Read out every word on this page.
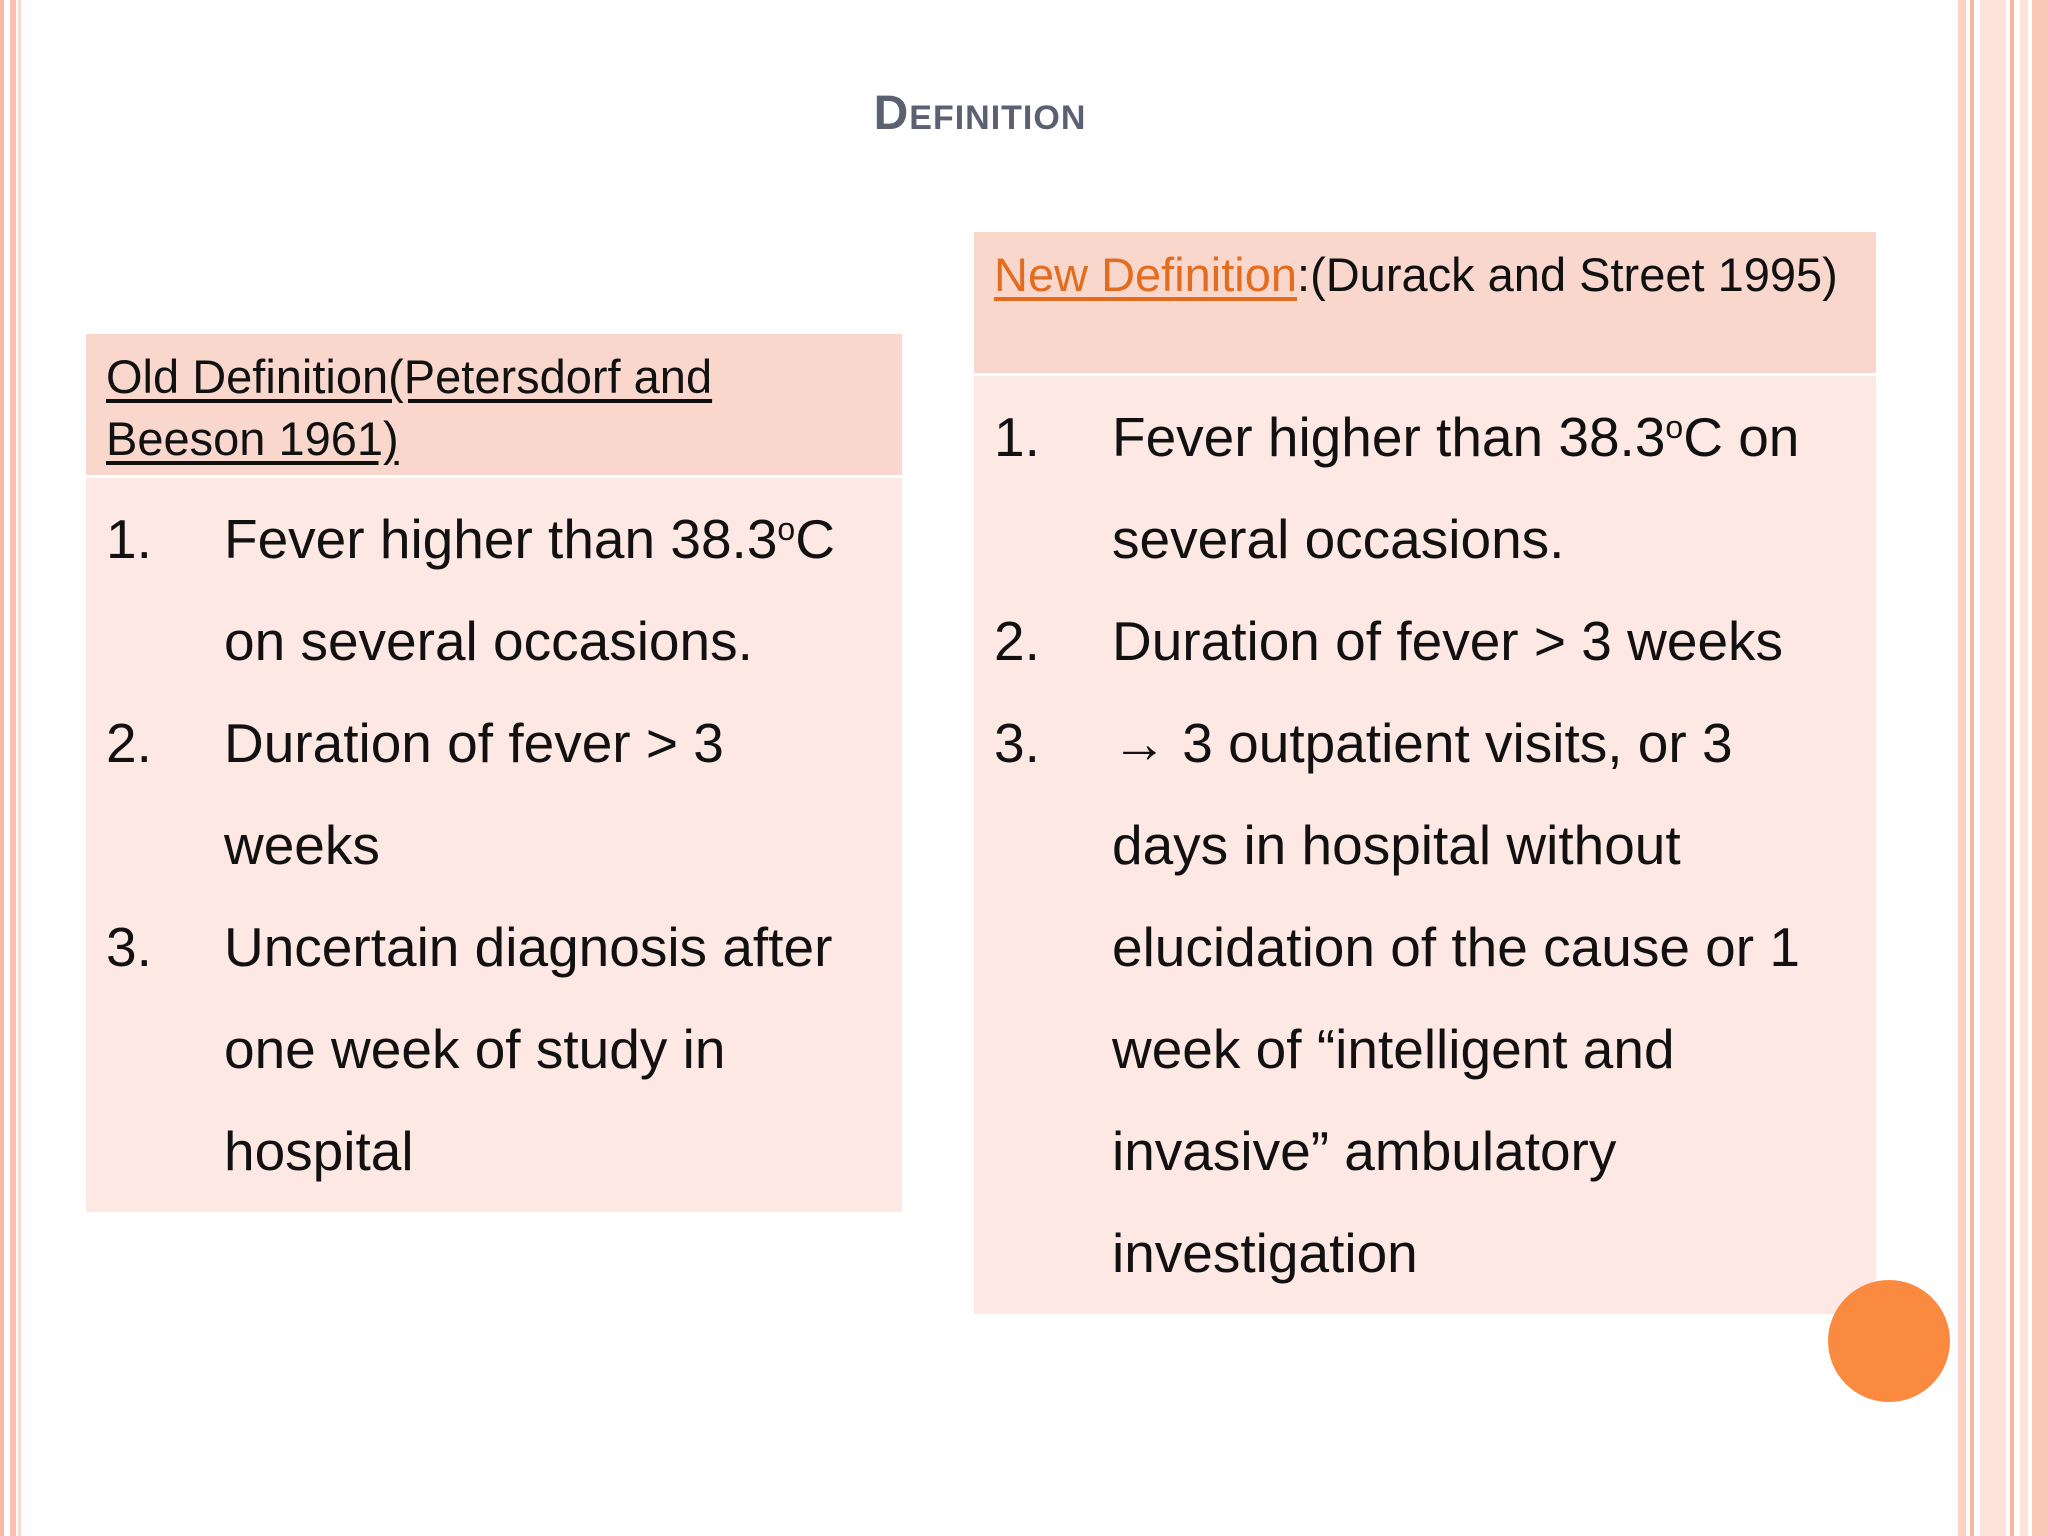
Definition
Old Definition(Petersdorf and Beeson 1961)
1.	Fever higher than 38.3$^o$C on several occasions.
2.	Duration of fever > 3 weeks
3.	Uncertain diagnosis after one week of study in hospital
New Definition:(Durack and Street 1995)
1.	Fever higher than 38.3$^o$C on several occasions.
2.	Duration of fever > 3 weeks
3.	→ 3 outpatient visits, or 3 days in hospital without elucidation of the cause or 1 week of “intelligent and invasive” ambulatory investigation
